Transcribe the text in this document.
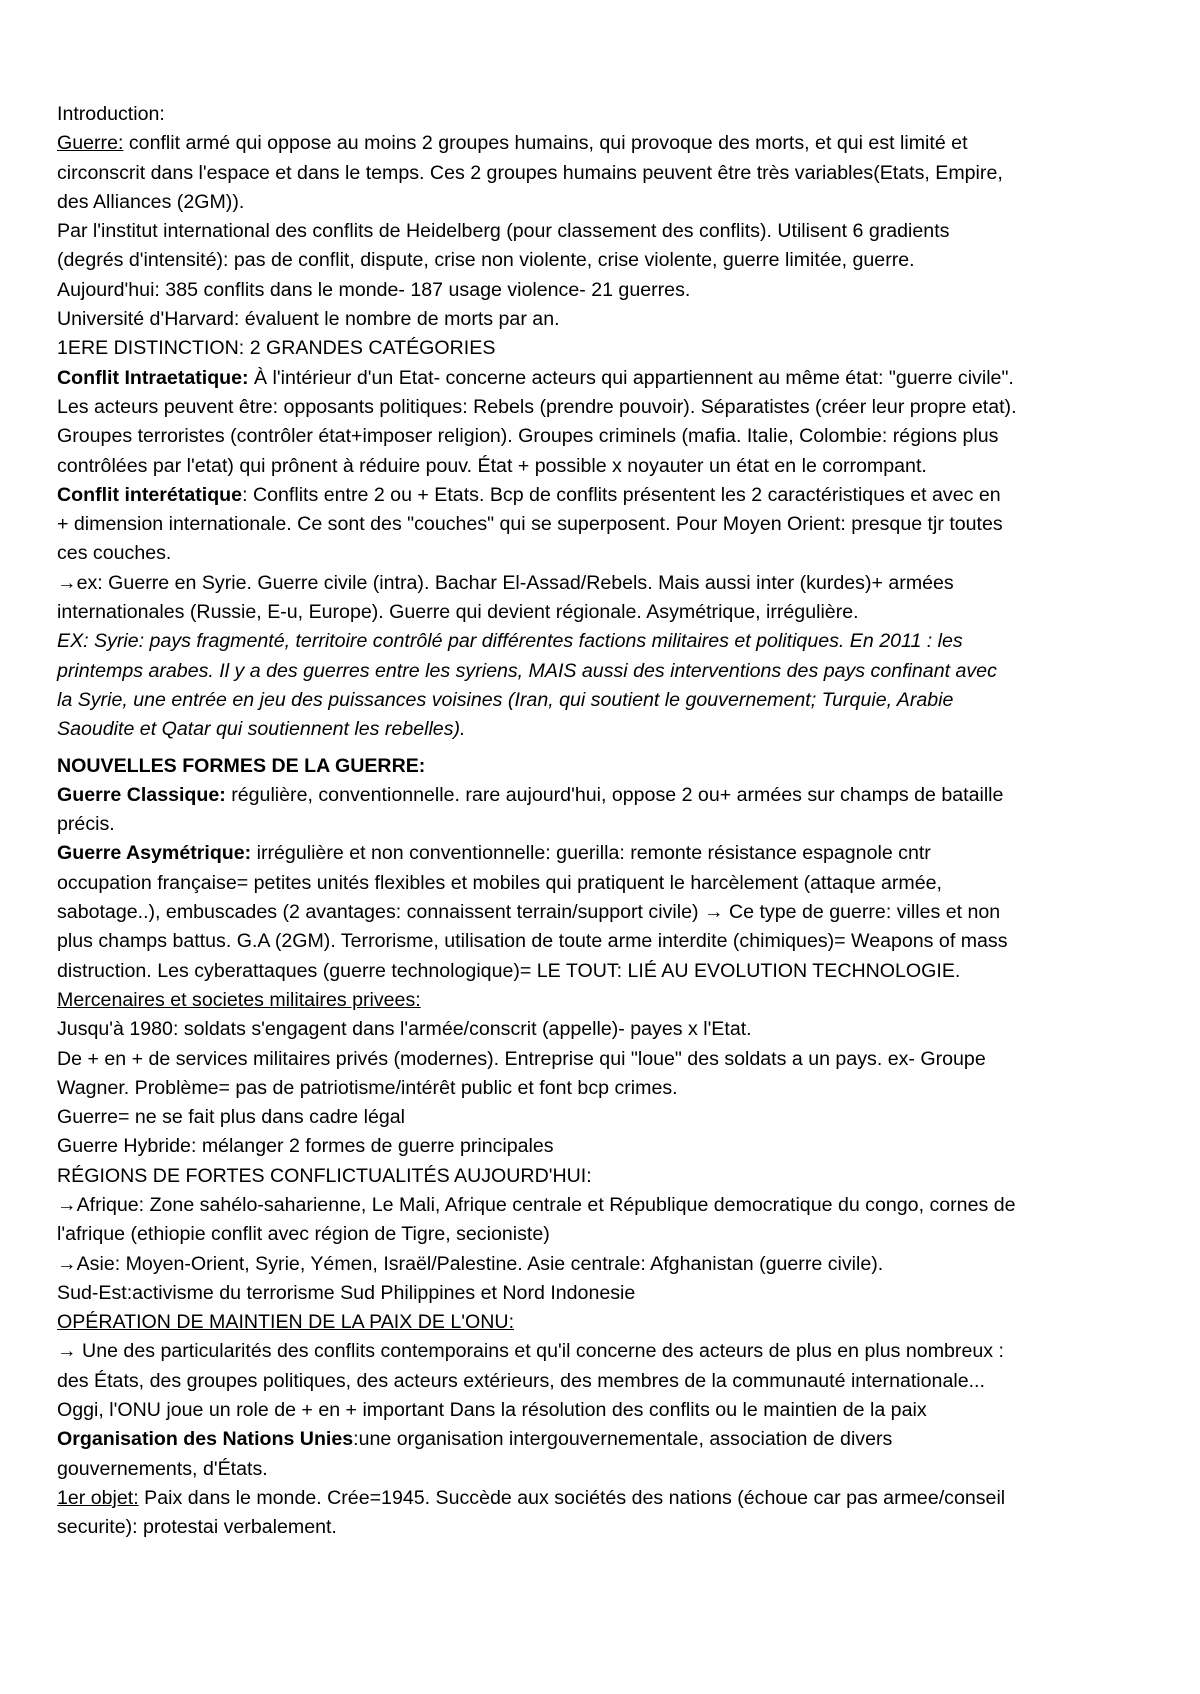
Introduction:
Guerre: conflit armé qui oppose au moins 2 groupes humains, qui provoque des morts, et qui est limité et
circonscrit dans l'espace et dans le temps. Ces 2 groupes humains peuvent être très variables(Etats, Empire,
des Alliances (2GM)).
Par l'institut international des conflits de Heidelberg (pour classement des conflits). Utilisent 6 gradients
(degrés d'intensité): pas de conflit, dispute, crise non violente, crise violente, guerre limitée, guerre.
Aujourd'hui: 385 conflits dans le monde- 187 usage violence- 21 guerres.
Université d'Harvard: évaluent le nombre de morts par an.
1ERE DISTINCTION: 2 GRANDES CATÉGORIES
Conflit Intraetatique: À l'intérieur d'un Etat- concerne acteurs qui appartiennent au même état: "guerre civile".
Les acteurs peuvent être: opposants politiques: Rebels (prendre pouvoir). Séparatistes (créer leur propre etat).
Groupes terroristes (contrôler état+imposer religion). Groupes criminels (mafia. Italie, Colombie: régions plus
contrôlées par l'etat) qui prônent à réduire pouv. État + possible x noyauter un état en le corrompant.
Conflit interétatique: Conflits entre 2 ou + Etats. Bcp de conflits présentent les 2 caractéristiques et avec en
+ dimension internationale. Ce sont des "couches" qui se superposent. Pour Moyen Orient: presque tjr toutes
ces couches.
→ex: Guerre en Syrie. Guerre civile (intra). Bachar El-Assad/Rebels. Mais aussi inter (kurdes)+ armées
internationales (Russie, E-u, Europe). Guerre qui devient régionale. Asymétrique, irrégulière.
EX: Syrie: pays fragmenté, territoire contrôlé par différentes factions militaires et politiques. En 2011 : les
printemps arabes. Il y a des guerres entre les syriens, MAIS aussi des interventions des pays confinant avec
la Syrie, une entrée en jeu des puissances voisines (Iran, qui soutient le gouvernement; Turquie, Arabie
Saoudite et Qatar qui soutiennent les rebelles).
NOUVELLES FORMES DE LA GUERRE:
Guerre Classique: régulière, conventionnelle. rare aujourd'hui, oppose 2 ou+ armées sur champs de bataille
précis.
Guerre Asymétrique: irrégulière et non conventionnelle: guerilla: remonte résistance espagnole cntr
occupation française= petites unités flexibles et mobiles qui pratiquent le harcèlement (attaque armée,
sabotage..), embuscades (2 avantages: connaissent terrain/support civile) → Ce type de guerre: villes et non
plus champs battus. G.A (2GM). Terrorisme, utilisation de toute arme interdite (chimiques)= Weapons of mass
distruction. Les cyberattaques (guerre technologique)= LE TOUT: LIÉ AU EVOLUTION TECHNOLOGIE.
Mercenaires et societes militaires privees:
Jusqu'à 1980: soldats s'engagent dans l'armée/conscrit (appelle)- payes x l'Etat.
De + en + de services militaires privés (modernes). Entreprise qui "loue" des soldats a un pays. ex- Groupe
Wagner. Problème= pas de patriotisme/intérêt public et font bcp crimes.
Guerre= ne se fait plus dans cadre légal
Guerre Hybride: mélanger 2 formes de guerre principales
RÉGIONS DE FORTES CONFLICTUALITÉS AUJOURD'HUI:
→Afrique: Zone sahélo-saharienne, Le Mali, Afrique centrale et République democratique du congo, cornes de
l'afrique (ethiopie conflit avec région de Tigre, secioniste)
→Asie: Moyen-Orient, Syrie, Yémen, Israël/Palestine. Asie centrale: Afghanistan (guerre civile).
Sud-Est:activisme du terrorisme Sud Philippines et Nord Indonesie
OPÉRATION DE MAINTIEN DE LA PAIX DE L'ONU:
→ Une des particularités des conflits contemporains et qu'il concerne des acteurs de plus en plus nombreux :
des États, des groupes politiques, des acteurs extérieurs, des membres de la communauté internationale...
Oggi, l'ONU joue un role de + en + important Dans la résolution des conflits ou le maintien de la paix
Organisation des Nations Unies:une organisation intergouvernementale, association de divers
gouvernements, d'États.
1er objet: Paix dans le monde. Crée=1945. Succède aux sociétés des nations (échoue car pas armee/conseil
securite): protestai verbalement.
